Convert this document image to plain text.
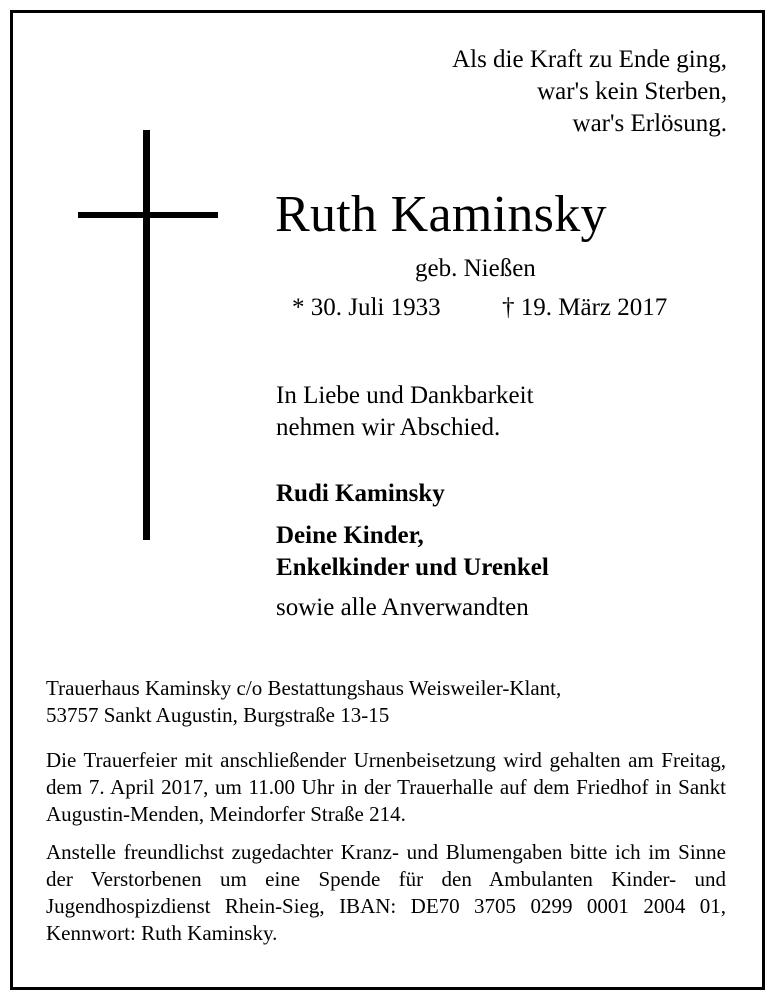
Als die Kraft zu Ende ging,
war's kein Sterben,
war's Erlösung.
Ruth Kaminsky
geb. Nießen
* 30. Juli 1933 † 19. März 2017
In Liebe und Dankbarkeit
nehmen wir Abschied.
Rudi Kaminsky
Deine Kinder,
Enkelkinder und Urenkel
sowie alle Anverwandten
Trauerhaus Kaminsky c/o Bestattungshaus Weisweiler-Klant,
53757 Sankt Augustin, Burgstraße 13-15

Die Trauerfeier mit anschließender Urnenbeisetzung wird gehalten am Freitag, dem 7. April 2017, um 11.00 Uhr in der Trauerhalle auf dem Friedhof in Sankt Augustin-Menden, Meindorfer Straße 214.

Anstelle freundlichst zugedachter Kranz- und Blumengaben bitte ich im Sinne der Verstorbenen um eine Spende für den Ambulanten Kinder- und Jugendhospizdienst Rhein-Sieg, IBAN: DE70 3705 0299 0001 2004 01, Kennwort: Ruth Kaminsky.
